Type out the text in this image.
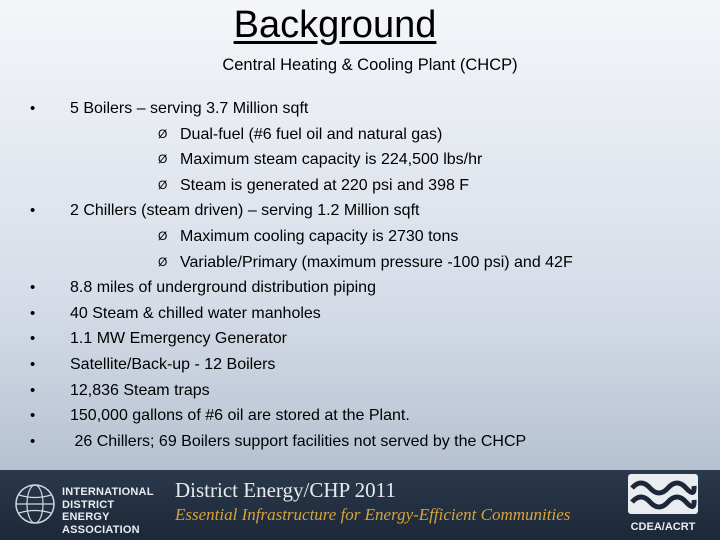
Background
Central Heating & Cooling Plant (CHCP)
•	5 Boilers – serving 3.7 Million sqft
Ø Dual-fuel (#6 fuel oil and natural gas)
Ø Maximum steam capacity is 224,500 lbs/hr
Ø Steam is generated at 220 psi and 398 F
•	2 Chillers (steam driven) – serving 1.2 Million sqft
Ø Maximum cooling capacity is 2730 tons
Ø Variable/Primary (maximum pressure -100 psi) and 42F
•	8.8 miles of underground distribution piping
•	40 Steam & chilled water manholes
•	1.1 MW Emergency Generator
•	Satellite/Back-up - 12 Boilers
•	12,836 Steam traps
•	150,000 gallons of #6 oil are stored at the Plant.
•	26 Chillers; 69 Boilers support facilities not served by the CHCP
INTERNATIONAL
DISTRICT ENERGY
ASSOCIATION
District Energy/CHP 2011
Essential Infrastructure for Energy-Efficient Communities
CDEA/ACRT
